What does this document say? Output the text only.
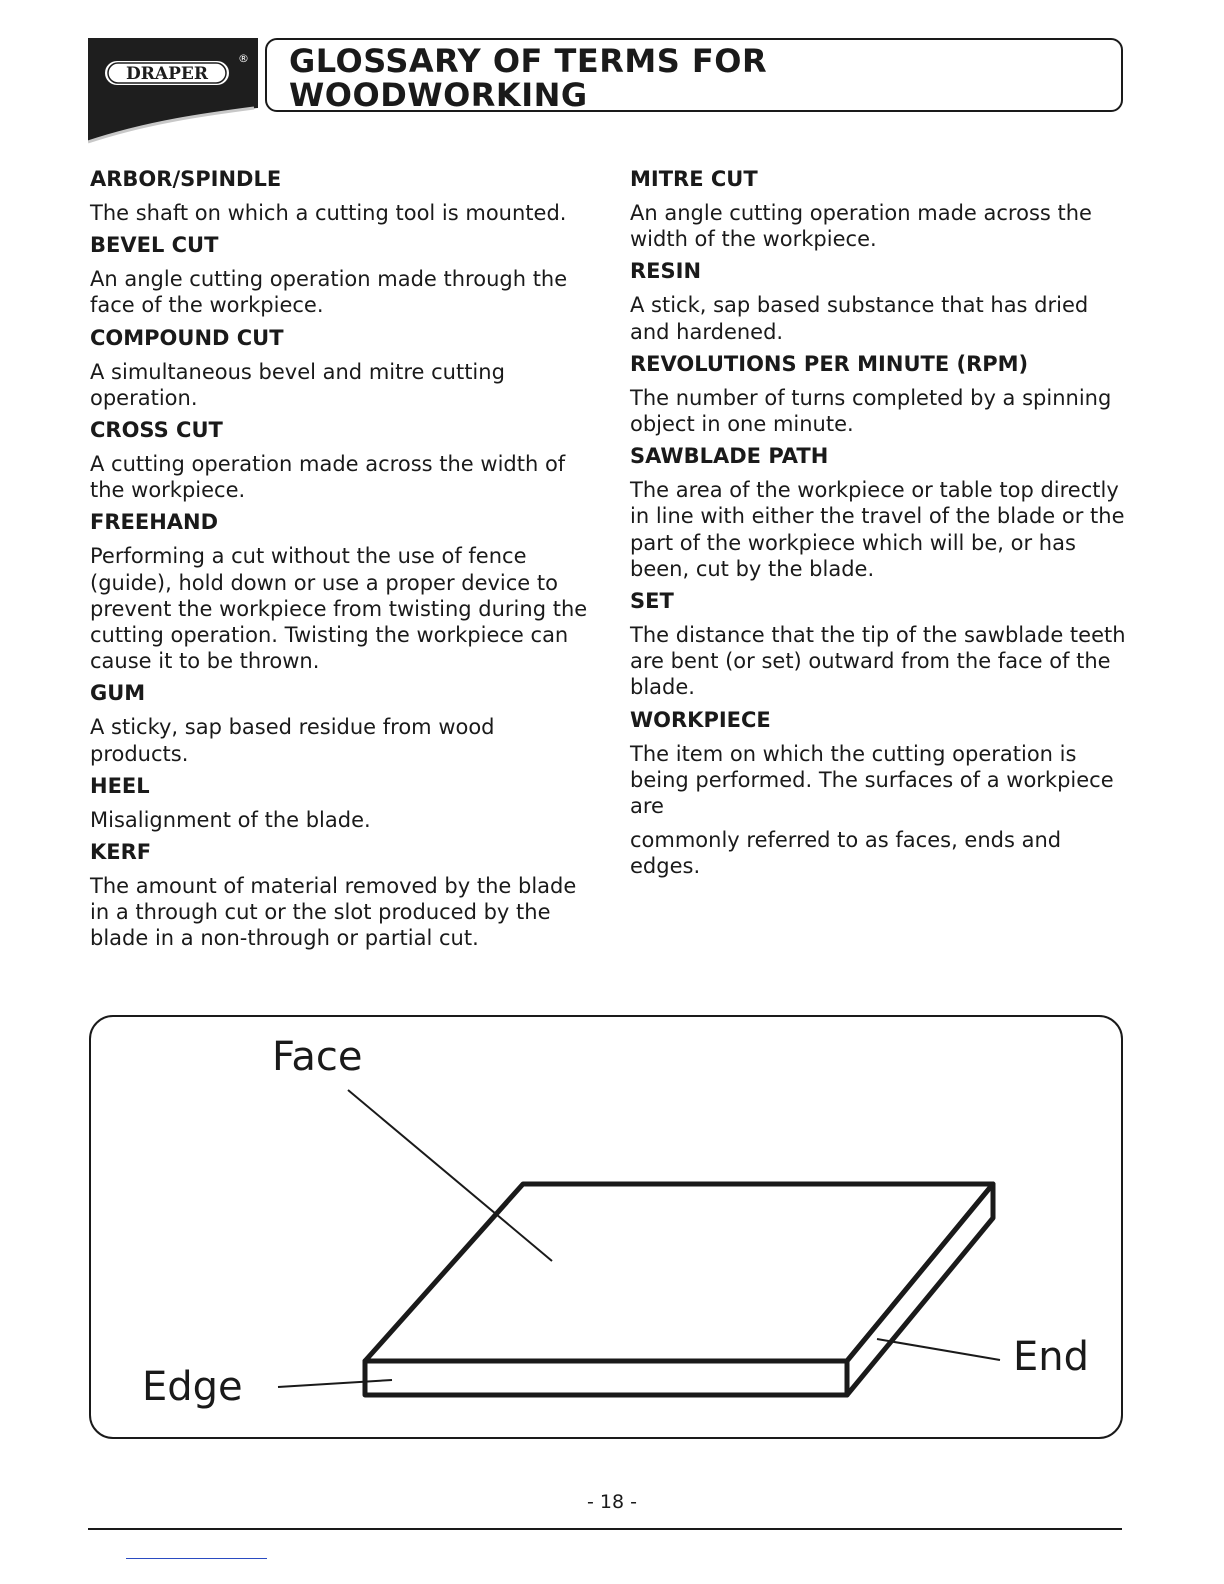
DRAPER
® GLOSSARY OF TERMS FOR
WOODWORKING
ARBOR/SPINDLE
The shaft on which a cutting tool is mounted.
BEVEL CUT
An angle cutting operation made through the face of the workpiece.
COMPOUND CUT
A simultaneous bevel and mitre cutting operation.
CROSS CUT
A cutting operation made across the width of the workpiece.
FREEHAND
Performing a cut without the use of fence (guide), hold down or use a proper device to prevent the workpiece from twisting during the cutting operation. Twisting the workpiece can cause it to be thrown.
GUM
A sticky, sap based residue from wood products.
HEEL
Misalignment of the blade.
KERF
The amount of material removed by the blade in a through cut or the slot produced by the blade in a non-through or partial cut.
MITRE CUT
An angle cutting operation made across the width of the workpiece.
RESIN
A stick, sap based substance that has dried and hardened.
REVOLUTIONS PER MINUTE (RPM)
The number of turns completed by a spinning object in one minute.
SAWBLADE PATH
The area of the workpiece or table top directly in line with either the travel of the blade or the part of the workpiece which will be, or has been, cut by the blade.
SET
The distance that the tip of the sawblade teeth are bent (or set) outward from the face of the blade.
WORKPIECE
The item on which the cutting operation is being performed. The surfaces of a workpiece are
commonly referred to as faces, ends and edges.
Face
Edge
End
- 18 -
